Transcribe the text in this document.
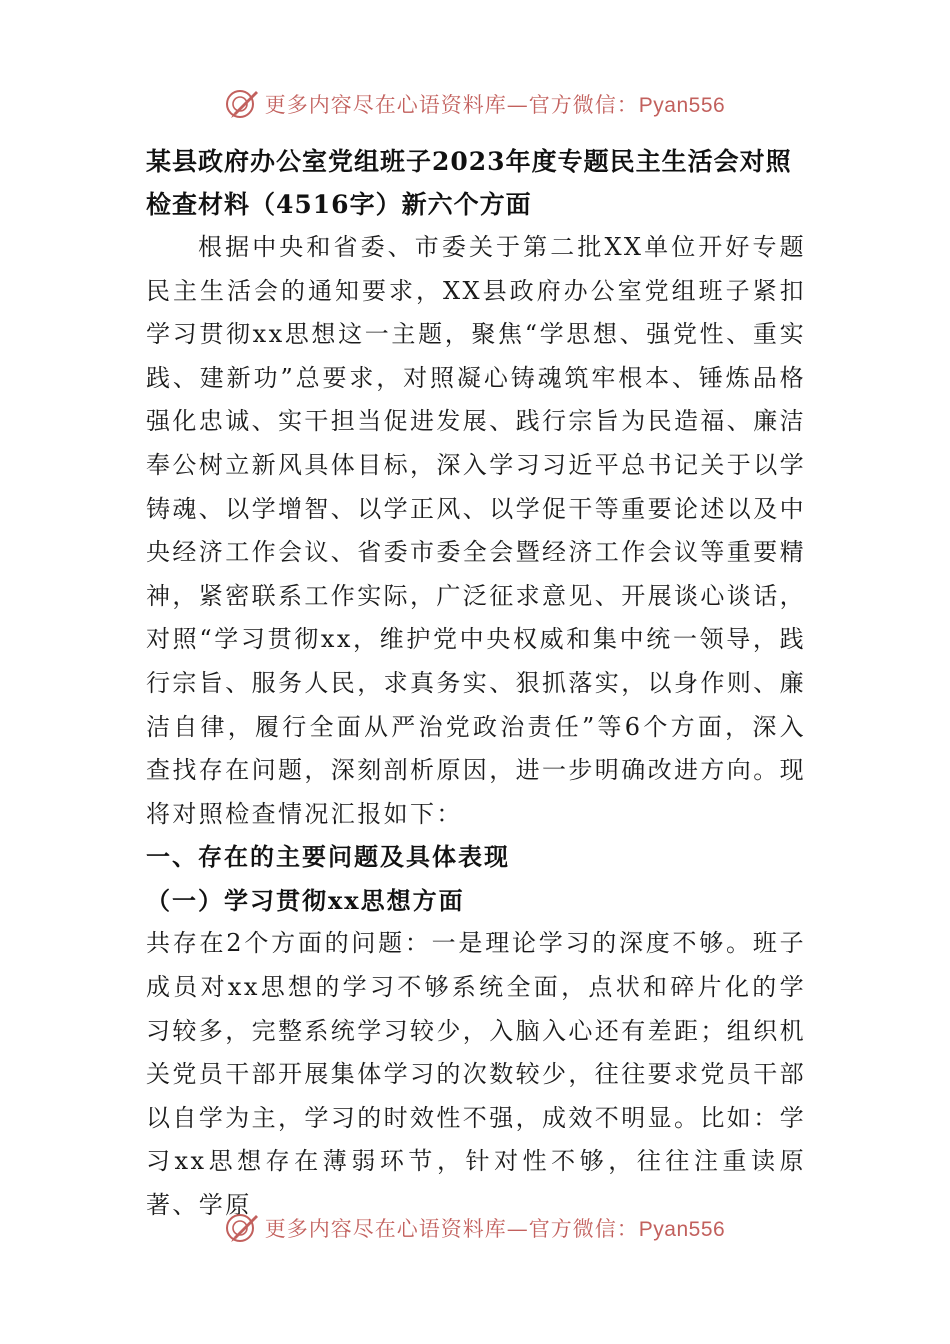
更多内容尽在心语资料库—官方微信：Pyan556
某县政府办公室党组班子2023年度专题民主生活会对照检查材料（4516字）新六个方面

根据中央和省委、市委关于第二批XX单位开好专题民主生活会的通知要求，XX县政府办公室党组班子紧扣学习贯彻xx思想这一主题，聚焦“学思想、强党性、重实践、建新功”总要求，对照凝心铸魂筑牢根本、锤炼品格强化忠诚、实干担当促进发展、践行宗旨为民造福、廉洁奉公树立新风具体目标，深入学习习近平总书记关于以学铸魂、以学增智、以学正风、以学促干等重要论述以及中央经济工作会议、省委市委全会暨经济工作会议等重要精神，紧密联系工作实际，广泛征求意见、开展谈心谈话，对照“学习贯彻xx，维护党中央权威和集中统一领导，践行宗旨、服务人民，求真务实、狠抓落实，以身作则、廉洁自律，履行全面从严治党政治责任”等6个方面，深入查找存在问题，深刻剖析原因，进一步明确改进方向。现将对照检查情况汇报如下：

一、存在的主要问题及具体表现
（一）学习贯彻xx思想方面

共存在2个方面的问题：一是理论学习的深度不够。班子成员对xx思想的学习不够系统全面，点状和碎片化的学习较多，完整系统学习较少，入脑入心还有差距；组织机关党员干部开展集体学习的次数较少，往往要求党员干部以自学为主，学习的时效性不强，成效不明显。比如：学习xx思想存在薄弱环节，针对性不够，往往注重读原著、学原

更多内容尽在心语资料库—官方微信：Pyan556
